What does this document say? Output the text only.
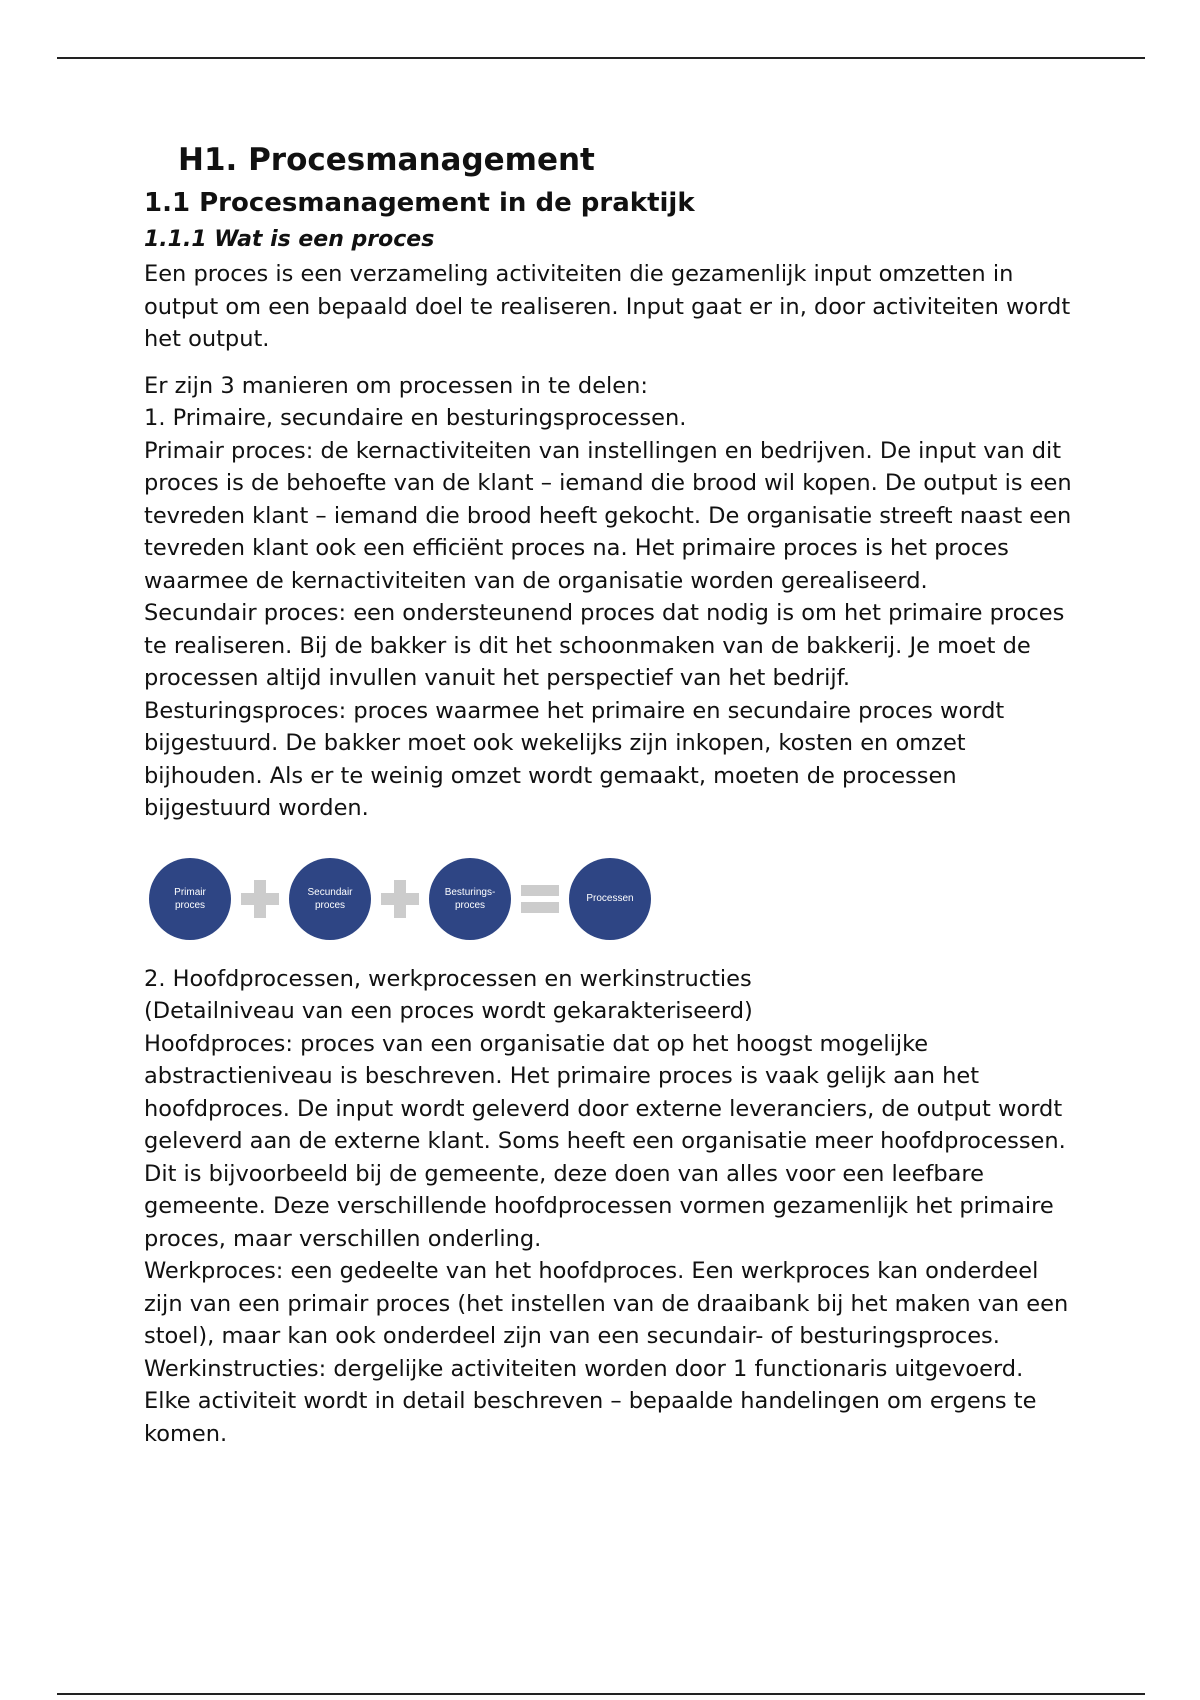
H1. Procesmanagement
1.1 Procesmanagement in de praktijk
1.1.1 Wat is een proces

Een proces is een verzameling activiteiten die gezamenlijk input omzetten in output om een bepaald doel te realiseren. Input gaat er in, door activiteiten wordt het output.

Er zijn 3 manieren om processen in te delen:

1. Primaire, secundaire en besturingsprocessen.

Primair proces: de kernactiviteiten van instellingen en bedrijven. De input van dit proces is de behoefte van de klant – iemand die brood wil kopen. De output is een tevreden klant – iemand die brood heeft gekocht. De organisatie streeft naast een tevreden klant ook een efficiënt proces na. Het primaire proces is het proces waarmee de kernactiviteiten van de organisatie worden gerealiseerd.

Secundair proces: een ondersteunend proces dat nodig is om het primaire proces te realiseren. Bij de bakker is dit het schoonmaken van de bakkerij. Je moet de processen altijd invullen vanuit het perspectief van het bedrijf.

Besturingsproces: proces waarmee het primaire en secundaire proces wordt bijgestuurd. De bakker moet ook wekelijks zijn inkopen, kosten en omzet bijhouden. Als er te weinig omzet wordt gemaakt, moeten de processen bijgestuurd worden.

Primair
proces
Secundair
proces
Besturings-
proces
Processen

2. Hoofdprocessen, werkprocessen en werkinstructies

(Detailniveau van een proces wordt gekarakteriseerd)

Hoofdproces: proces van een organisatie dat op het hoogst mogelijke abstractieniveau is beschreven. Het primaire proces is vaak gelijk aan het hoofdproces. De input wordt geleverd door externe leveranciers, de output wordt geleverd aan de externe klant. Soms heeft een organisatie meer hoofdprocessen. Dit is bijvoorbeeld bij de gemeente, deze doen van alles voor een leefbare gemeente. Deze verschillende hoofdprocessen vormen gezamenlijk het primaire proces, maar verschillen onderling.

Werkproces: een gedeelte van het hoofdproces. Een werkproces kan onderdeel zijn van een primair proces (het instellen van de draaibank bij het maken van een stoel), maar kan ook onderdeel zijn van een secundair- of besturingsproces.

Werkinstructies: dergelijke activiteiten worden door 1 functionaris uitgevoerd. Elke activiteit wordt in detail beschreven – bepaalde handelingen om ergens te komen.
